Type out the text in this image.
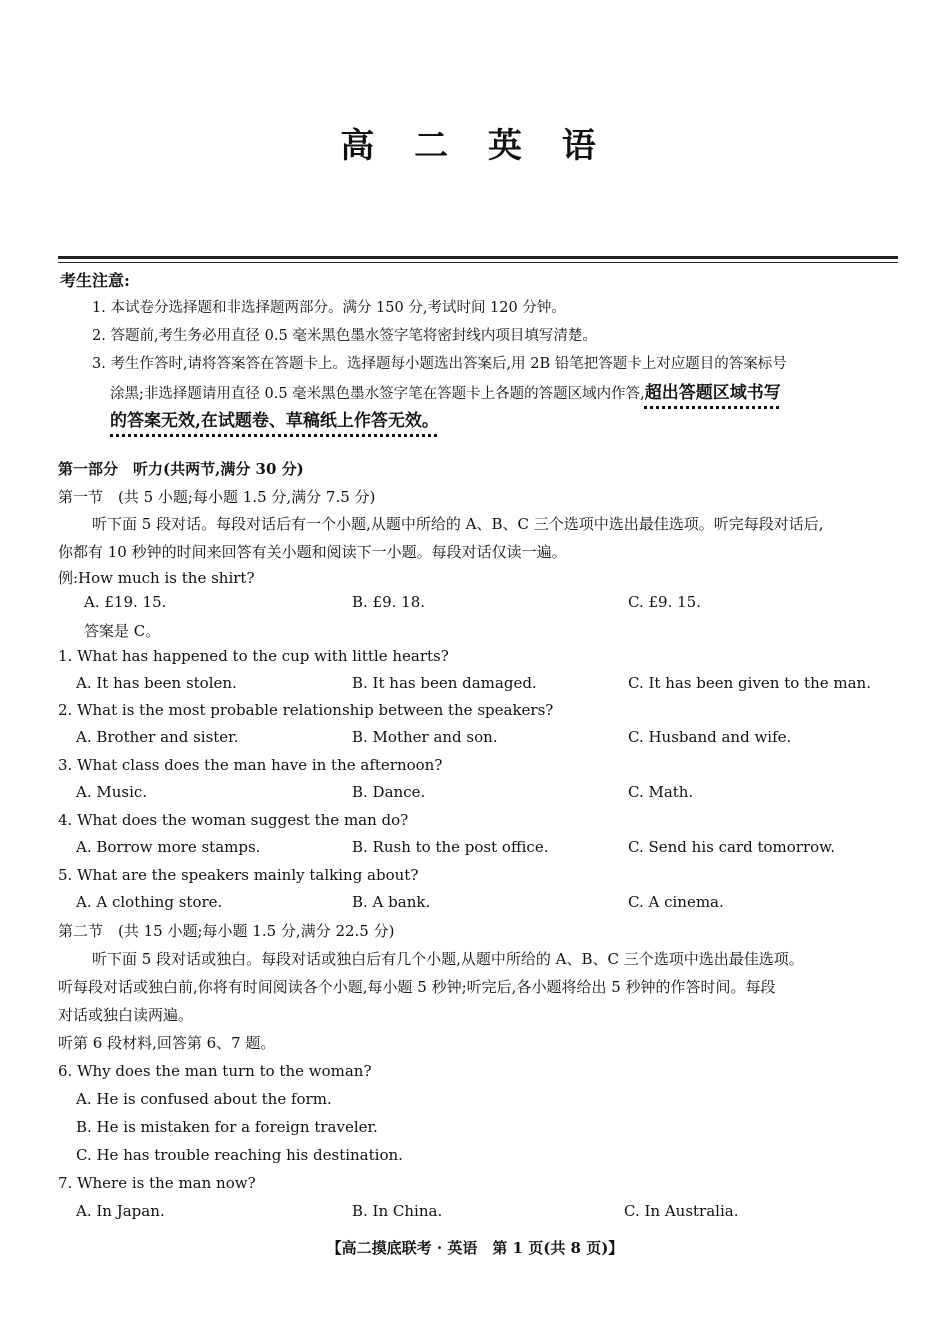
高 二 英 语
考生注意:
1. 本试卷分选择题和非选择题两部分。满分 150 分,考试时间 120 分钟。
2. 答题前,考生务必用直径 0.5 毫米黑色墨水签字笔将密封线内项目填写清楚。
3. 考生作答时,请将答案答在答题卡上。选择题每小题选出答案后,用 2B 铅笔把答题卡上对应题目的答案标号
涂黑;非选择题请用直径 0.5 毫米黑色墨水签字笔在答题卡上各题的答题区域内作答,超出答题区域书写
的答案无效,在试题卷、草稿纸上作答无效。
第一部分　听力(共两节,满分 30 分)
第一节　(共 5 小题;每小题 1.5 分,满分 7.5 分)
听下面 5 段对话。每段对话后有一个小题,从题中所给的 A、B、C 三个选项中选出最佳选项。听完每段对话后,
你都有 10 秒钟的时间来回答有关小题和阅读下一小题。每段对话仅读一遍。
例:How much is the shirt?
A. £19. 15.	B. £9. 18.	C. £9. 15.
答案是 C。
1. What has happened to the cup with little hearts?
A. It has been stolen.	B. It has been damaged.	C. It has been given to the man.
2. What is the most probable relationship between the speakers?
A. Brother and sister.	B. Mother and son.	C. Husband and wife.
3. What class does the man have in the afternoon?
A. Music.	B. Dance.	C. Math.
4. What does the woman suggest the man do?
A. Borrow more stamps.	B. Rush to the post office.	C. Send his card tomorrow.
5. What are the speakers mainly talking about?
A. A clothing store.	B. A bank.	C. A cinema.
第二节　(共 15 小题;每小题 1.5 分,满分 22.5 分)
听下面 5 段对话或独白。每段对话或独白后有几个小题,从题中所给的 A、B、C 三个选项中选出最佳选项。
听每段对话或独白前,你将有时间阅读各个小题,每小题 5 秒钟;听完后,各小题将给出 5 秒钟的作答时间。每段
对话或独白读两遍。
听第 6 段材料,回答第 6、7 题。
6. Why does the man turn to the woman?
A. He is confused about the form.
B. He is mistaken for a foreign traveler.
C. He has trouble reaching his destination.
7. Where is the man now?
A. In Japan.	B. In China.	C. In Australia.
【高二摸底联考 · 英语　第 1 页(共 8 页)】
